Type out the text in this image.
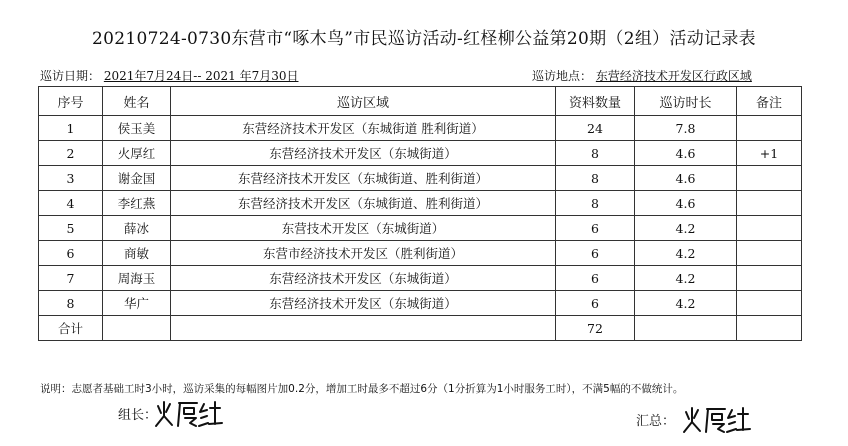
20210724-0730东营市“啄木鸟”市民巡访活动-红柽柳公益第20期（2组）活动记录表
巡访日期： 2021年7月24日-- 2021 年7月30日	巡访地点： 东营经济技术开发区行政区域
序号	姓名	巡访区域	资料数量	巡访时长	备注
1	侯玉美	东营经济技术开发区（东城街道 胜利街道）	24	7.8	
2	火厚红	东营经济技术开发区（东城街道）	8	4.6	+1
3	谢金国	东营经济技术开发区（东城街道、胜利街道）	8	4.6	
4	李红燕	东营经济技术开发区（东城街道、胜利街道）	8	4.6	
5	薛冰	东营技术开发区（东城街道）	6	4.2	
6	商敏	东营市经济技术开发区（胜利街道）	6	4.2	
7	周海玉	东营经济技术开发区（东城街道）	6	4.2	
8	华广	东营经济技术开发区（东城街道）	6	4.2	
合计			72		
说明：志愿者基础工时3小时，巡访采集的每幅图片加0.2分，增加工时最多不超过6分（1分折算为1小时服务工时），不满5幅的不做统计。
组长：	汇总：
